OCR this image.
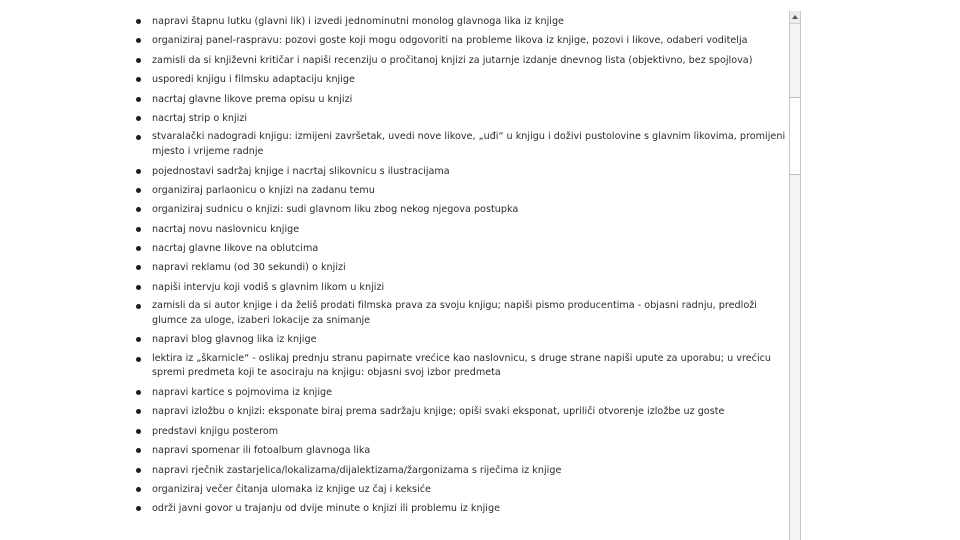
napravi štapnu lutku (glavni lik) i izvedi jednominutni monolog glavnoga lika iz knjige
organiziraj panel-raspravu: pozovi goste koji mogu odgovoriti na probleme likova iz knjige, pozovi i likove, odaberi voditelja
zamisli da si književni kritičar i napiši recenziju o pročitanoj knjizi za jutarnje izdanje dnevnog lista (objektivno, bez spojlova)
usporedi knjigu i filmsku adaptaciju knjige
nacrtaj glavne likove prema opisu u knjizi
nacrtaj strip o knjizi
stvaralački nadogradi knjigu: izmijeni završetak, uvedi nove likove, „uđi“ u knjigu i doživi pustolovine s glavnim likovima, promijeni mjesto i vrijeme radnje
pojednostavi sadržaj knjige i nacrtaj slikovnicu s ilustracijama
organiziraj parlaonicu o knjizi na zadanu temu
organiziraj sudnicu o knjizi: sudi glavnom liku zbog nekog njegova postupka
nacrtaj novu naslovnicu knjige
nacrtaj glavne likove na oblutcima
napravi reklamu (od 30 sekundi) o knjizi
napiši intervju koji vodiš s glavnim likom u knjizi
zamisli da si autor knjige i da želiš prodati filmska prava za svoju knjigu; napiši pismo producentima - objasni radnju, predloži glumce za uloge, izaberi lokacije za snimanje
napravi blog glavnog lika iz knjige
lektira iz „škarnicle“ - oslikaj prednju stranu papirnate vrećice kao naslovnicu, s druge strane napiši upute za uporabu; u vrećicu spremi predmeta koji te asociraju na knjigu: objasni svoj izbor predmeta
napravi kartice s pojmovima iz knjige
napravi izložbu o knjizi: eksponate biraj prema sadržaju knjige; opiši svaki eksponat, upriliči otvorenje izložbe uz goste
predstavi knjigu posterom
napravi spomenar ili fotoalbum glavnoga lika
napravi rječnik zastarjelica/lokalizama/dijalektizama/žargonizama s riječima iz knjige
organiziraj večer čitanja ulomaka iz knjige uz čaj i keksiće
održi javni govor u trajanju od dvije minute o knjizi ili problemu iz knjige
